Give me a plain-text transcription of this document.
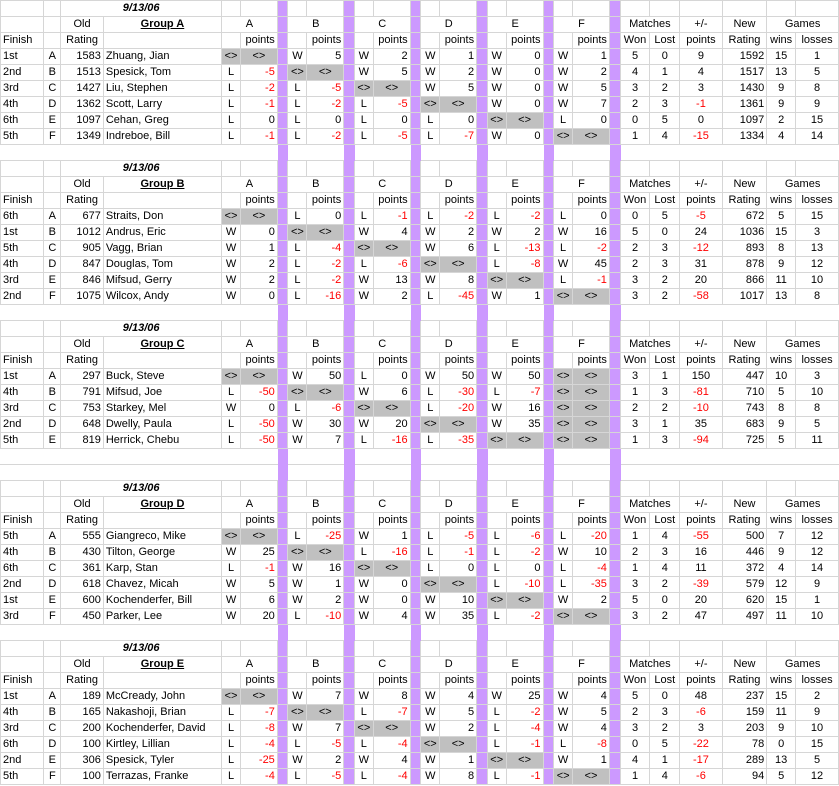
		9/13/06																									
		Old	Group A	A			B			C			D			E			F			Matches		+/-	New	Games	
Finish		Rating			points			points			points			points			points			points		Won	Lost	points	Rating	wins	losses
1st	A	1583	Zhuang, Jian	<>	<>		W	5		W	2		W	1		W	0		W	1		5	0	9	1592	15	1
2nd	B	1513	Spesick, Tom	L	-5		<>	<>		W	5		W	2		W	0		W	2		4	1	4	1517	13	5
3rd	C	1427	Liu, Stephen	L	-2		L	-5		<>	<>		W	5		W	0		W	5		3	2	3	1430	9	8
4th	D	1362	Scott, Larry	L	-1		L	-2		L	-5		<>	<>		W	0		W	7		2	3	-1	1361	9	9
6th	E	1097	Cehan, Greg	L	0		L	0		L	0		L	0		<>	<>		L	0		0	5	0	1097	2	15
5th	F	1349	Indreboe, Bill	L	-1		L	-2		L	-5		L	-7		W	0		<>	<>		1	4	-15	1334	4	14

		9/13/06																									
		Old	Group B	A			B			C			D			E			F			Matches		+/-	New	Games	
Finish		Rating			points			points			points			points			points			points		Won	Lost	points	Rating	wins	losses
6th	A	677	Straits, Don	<>	<>		L	0		L	-1		L	-2		L	-2		L	0		0	5	-5	672	5	15
1st	B	1012	Andrus, Eric	W	0		<>	<>		W	4		W	2		W	2		W	16		5	0	24	1036	15	3
5th	C	905	Vagg, Brian	W	1		L	-4		<>	<>		W	6		L	-13		L	-2		2	3	-12	893	8	13
4th	D	847	Douglas, Tom	W	2		L	-2		L	-6		<>	<>		L	-8		W	45		2	3	31	878	9	12
3rd	E	846	Mifsud, Gerry	W	2		L	-2		W	13		W	8		<>	<>		L	-1		3	2	20	866	11	10
2nd	F	1075	Wilcox, Andy	W	0		L	-16		W	2		L	-45		W	1		<>	<>		3	2	-58	1017	13	8

		9/13/06																									
		Old	Group C	A			B			C			D			E			F			Matches		+/-	New	Games	
Finish		Rating			points			points			points			points			points			points		Won	Lost	points	Rating	wins	losses
1st	A	297	Buck, Steve	<>	<>		W	50		L	0		W	50		W	50		<>	<>		3	1	150	447	10	3
4th	B	791	Mifsud, Joe	L	-50		<>	<>		W	6		L	-30		L	-7		<>	<>		1	3	-81	710	5	10
3rd	C	753	Starkey, Mel	W	0		L	-6		<>	<>		L	-20		W	16		<>	<>		2	2	-10	743	8	8
2nd	D	648	Dwelly, Paula	L	-50		W	30		W	20		<>	<>		W	35		<>	<>		3	1	35	683	9	5
5th	E	819	Herrick, Chebu	L	-50		W	7		L	-16		L	-35		<>	<>		<>	<>		1	3	-94	725	5	11

		9/13/06																									
		Old	Group D	A			B			C			D			E			F			Matches		+/-	New	Games	
Finish		Rating			points			points			points			points			points			points		Won	Lost	points	Rating	wins	losses
5th	A	555	Giangreco, Mike	<>	<>		L	-25		W	1		L	-5		L	-6		L	-20		1	4	-55	500	7	12
4th	B	430	Tilton, George	W	25		<>	<>		L	-16		L	-1		L	-2		W	10		2	3	16	446	9	12
6th	C	361	Karp, Stan	L	-1		W	16		<>	<>		L	0		L	0		L	-4		1	4	11	372	4	14
2nd	D	618	Chavez, Micah	W	5		W	1		W	0		<>	<>		L	-10		L	-35		3	2	-39	579	12	9
1st	E	600	Kochenderfer, Bill	W	6		W	2		W	0		W	10		<>	<>		W	2		5	0	20	620	15	1
3rd	F	450	Parker, Lee	W	20		L	-10		W	4		W	35		L	-2		<>	<>		3	2	47	497	11	10

		9/13/06																									
		Old	Group E	A			B			C			D			E			F			Matches		+/-	New	Games	
Finish		Rating			points			points			points			points			points			points		Won	Lost	points	Rating	wins	losses
1st	A	189	McCready, John	<>	<>		W	7		W	8		W	4		W	25		W	4		5	0	48	237	15	2
4th	B	165	Nakashoji, Brian	L	-7		<>	<>		L	-7		W	5		L	-2		W	5		2	3	-6	159	11	9
3rd	C	200	Kochenderfer, David	L	-8		W	7		<>	<>		W	2		L	-4		W	4		3	2	3	203	9	10
6th	D	100	Kirtley, Lillian	L	-4		L	-5		L	-4		<>	<>		L	-1		L	-8		0	5	-22	78	0	15
2nd	E	306	Spesick, Tyler	L	-25		W	2		W	4		W	1		<>	<>		W	1		4	1	-17	289	13	5
5th	F	100	Terrazas, Franke	L	-4		L	-5		L	-4		W	8		L	-1		<>	<>		1	4	-6	94	5	12
